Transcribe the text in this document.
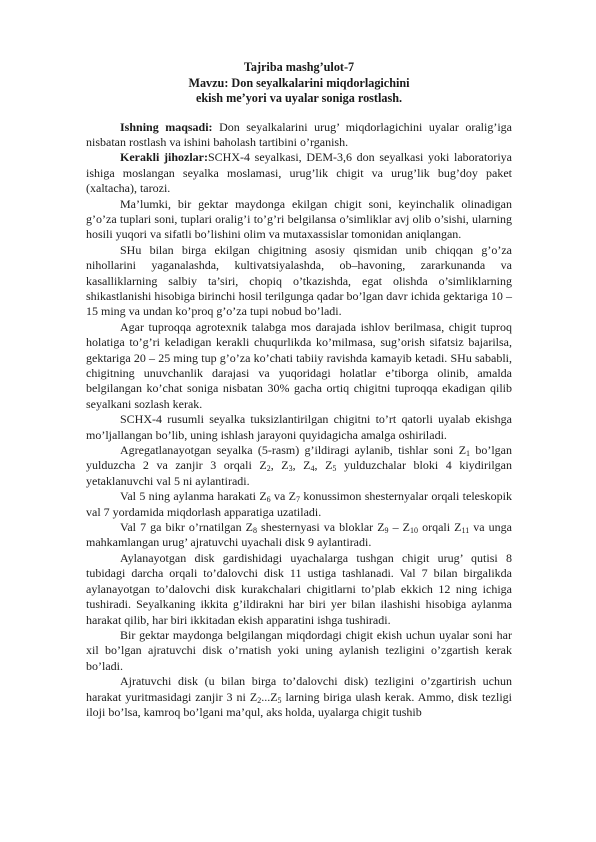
Tajriba mashg’ulot-7

Mavzu: Don seyalkalarini miqdorlagichini

ekish me’yori va uyalar soniga rostlash.

Ishning maqsadi: Don seyalkalarini urug’ miqdorlagichini uyalar oralig’iga nisbatan rostlash va ishini baholash tartibini o’rganish.

Kerakli jihozlar:SCHX-4 seyalkasi, DEM-3,6 don seyalkasi yoki laboratoriya ishiga moslangan seyalka moslamasi, urug’lik chigit va urug’lik bug’doy paket (xaltacha), tarozi.

Ma’lumki, bir gektar maydonga ekilgan chigit soni, keyinchalik olinadigan g’o’za tuplari soni, tuplari oralig’i to’g’ri belgilansa o’simliklar avj olib o’sishi, ularning hosili yuqori va sifatli bo’lishini olim va mutaxassislar tomonidan aniqlangan.

SHu bilan birga ekilgan chigitning asosiy qismidan unib chiqqan g’o’za nihollarini yaganalashda, kultivatsiyalashda, ob–havoning, zararkunanda va kasalliklarning salbiy ta’siri, chopiq o’tkazishda, egat olishda o’simliklarning shikastlanishi hisobiga birinchi hosil terilgunga qadar bo’lgan davr ichida gektariga 10 – 15 ming va undan ko’proq g’o’za tupi nobud bo’ladi.

Agar tuproqqa agrotexnik talabga mos darajada ishlov berilmasa, chigit tuproq holatiga to’g’ri keladigan kerakli chuqurlikda ko’milmasa, sug’orish sifatsiz bajarilsa, gektariga 20 – 25 ming tup g’o’za ko’chati tabiiy ravishda kamayib ketadi. SHu sababli, chigitning unuvchanlik darajasi va yuqoridagi holatlar e’tiborga olinib, amalda belgilangan ko’chat soniga nisbatan 30% gacha ortiq chigitni tuproqqa ekadigan qilib seyalkani sozlash kerak.

SCHX-4 rusumli seyalka tuksizlantirilgan chigitni to’rt qatorli uyalab ekishga mo’ljallangan bo’lib, uning ishlash jarayoni quyidagicha amalga oshiriladi.

Agregatlanayotgan seyalka (5-rasm) g’ildiragi aylanib, tishlar soni $Z_1$ bo’lgan yulduzcha 2 va zanjir 3 orqali $Z_2$, $Z_3$, $Z_4$, $Z_5$ yulduzchalar bloki 4 kiydirilgan yetaklanuvchi val 5 ni aylantiradi.

Val 5 ning aylanma harakati $Z_6$ va $Z_7$ konussimon shesternyalar orqali teleskopik val 7 yordamida miqdorlash apparatiga uzatiladi.

Val 7 ga bikr o’rnatilgan $Z_8$ shesternyasi va bloklar $Z_9 - Z_{10}$ orqali $Z_{11}$ va unga mahkamlangan urug’ ajratuvchi uyachali disk 9 aylantiradi.

Aylanayotgan disk gardishidagi uyachalarga tushgan chigit urug’ qutisi 8 tubidagi darcha orqali to’dalovchi disk 11 ustiga tashlanadi. Val 7 bilan birgalikda aylanayotgan to’dalovchi disk kurakchalari chigitlarni to’plab ekkich 12 ning ichiga tushiradi. Seyalkaning ikkita g’ildirakni har biri yer bilan ilashishi hisobiga aylanma harakat qilib, har biri ikkitadan ekish apparatini ishga tushiradi.

Bir gektar maydonga belgilangan miqdordagi chigit ekish uchun uyalar soni har xil bo’lgan ajratuvchi disk o’rnatish yoki uning aylanish tezligini o’zgartish kerak bo’ladi.

Ajratuvchi disk (u bilan birga to’dalovchi disk) tezligini o’zgartirish uchun harakat yuritmasidagi zanjir 3 ni $Z_2...Z_5$ larning biriga ulash kerak. Ammo, disk tezligi iloji bo’lsa, kamroq bo’lgani ma’qul, aks holda, uyalarga chigit tushib
